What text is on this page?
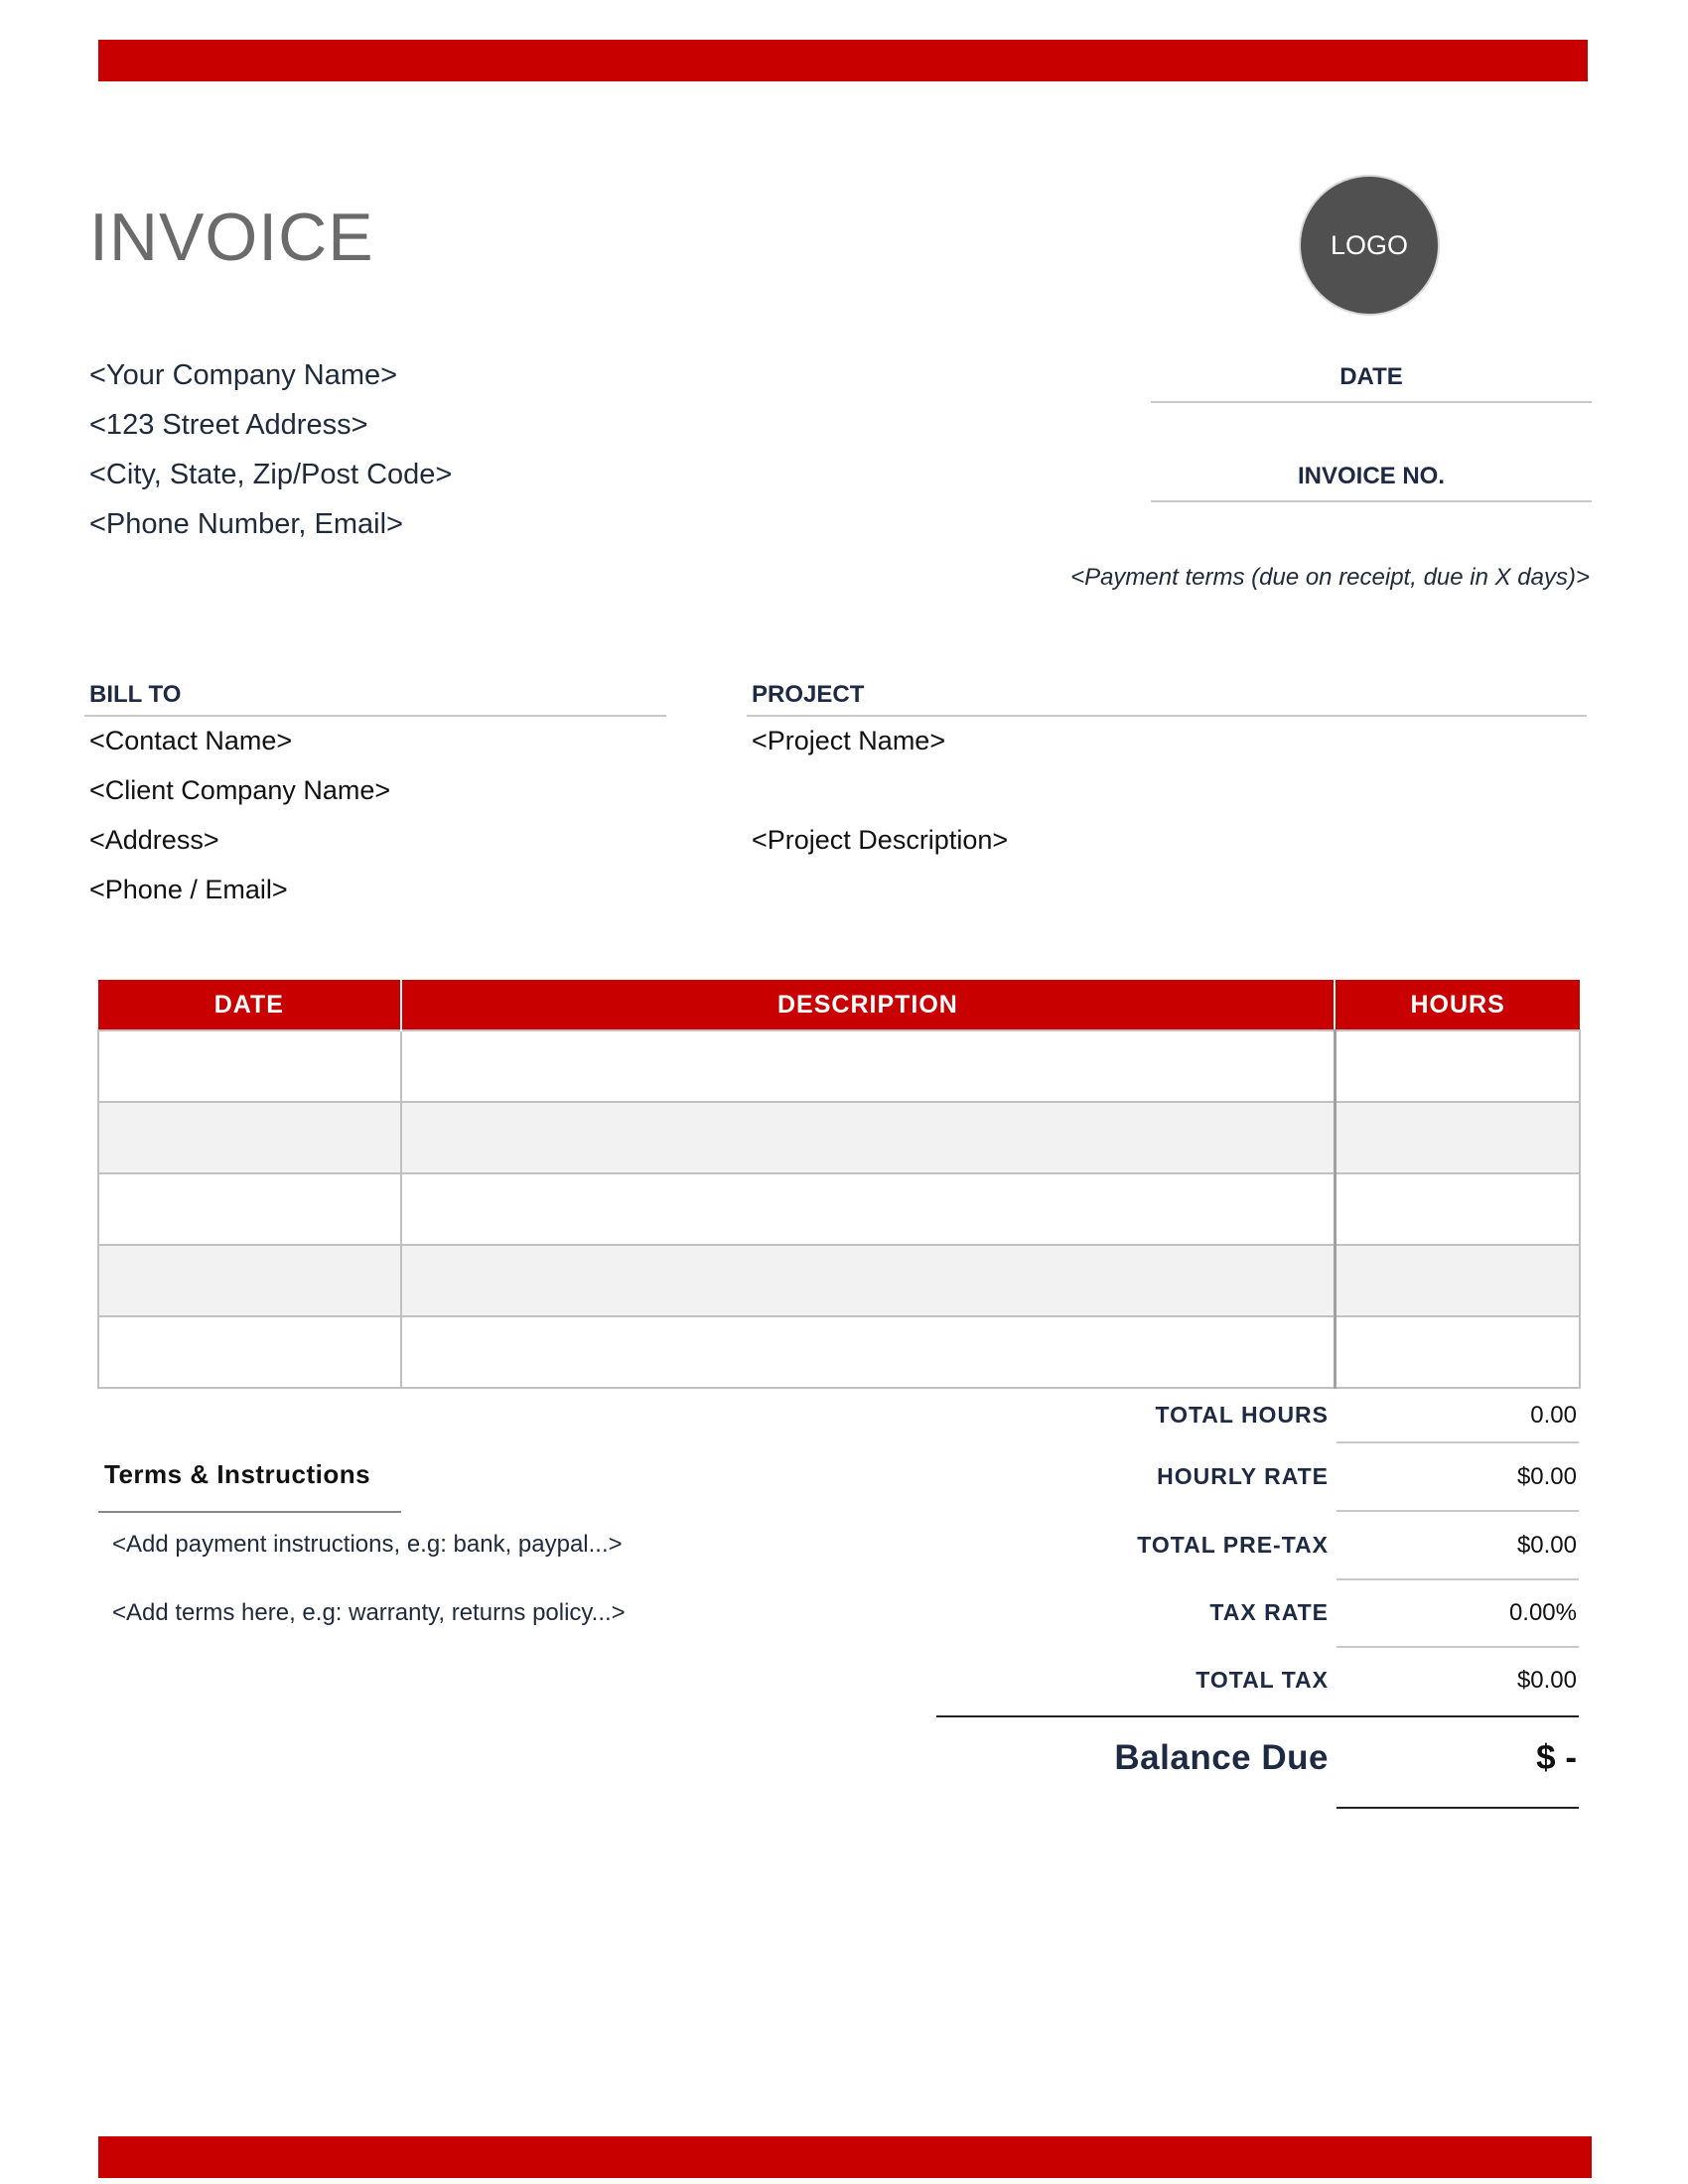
INVOICE	LOGO
<Your Company Name>
<123 Street Address>
<City, State, Zip/Post Code>
<Phone Number, Email>
DATE
INVOICE NO.
<Payment terms (due on receipt, due in X days)>
BILL TO
<Contact Name>
<Client Company Name>
<Address>
<Phone / Email>
PROJECT
<Project Name>
<Project Description>
DATE	DESCRIPTION	HOURS

TOTAL HOURS	0.00
HOURLY RATE	$0.00
TOTAL PRE-TAX	$0.00
TAX RATE	0.00%
TOTAL TAX	$0.00
Balance Due	$ -
Terms & Instructions
<Add payment instructions, e.g: bank, paypal...>
<Add terms here, e.g: warranty, returns policy...>
